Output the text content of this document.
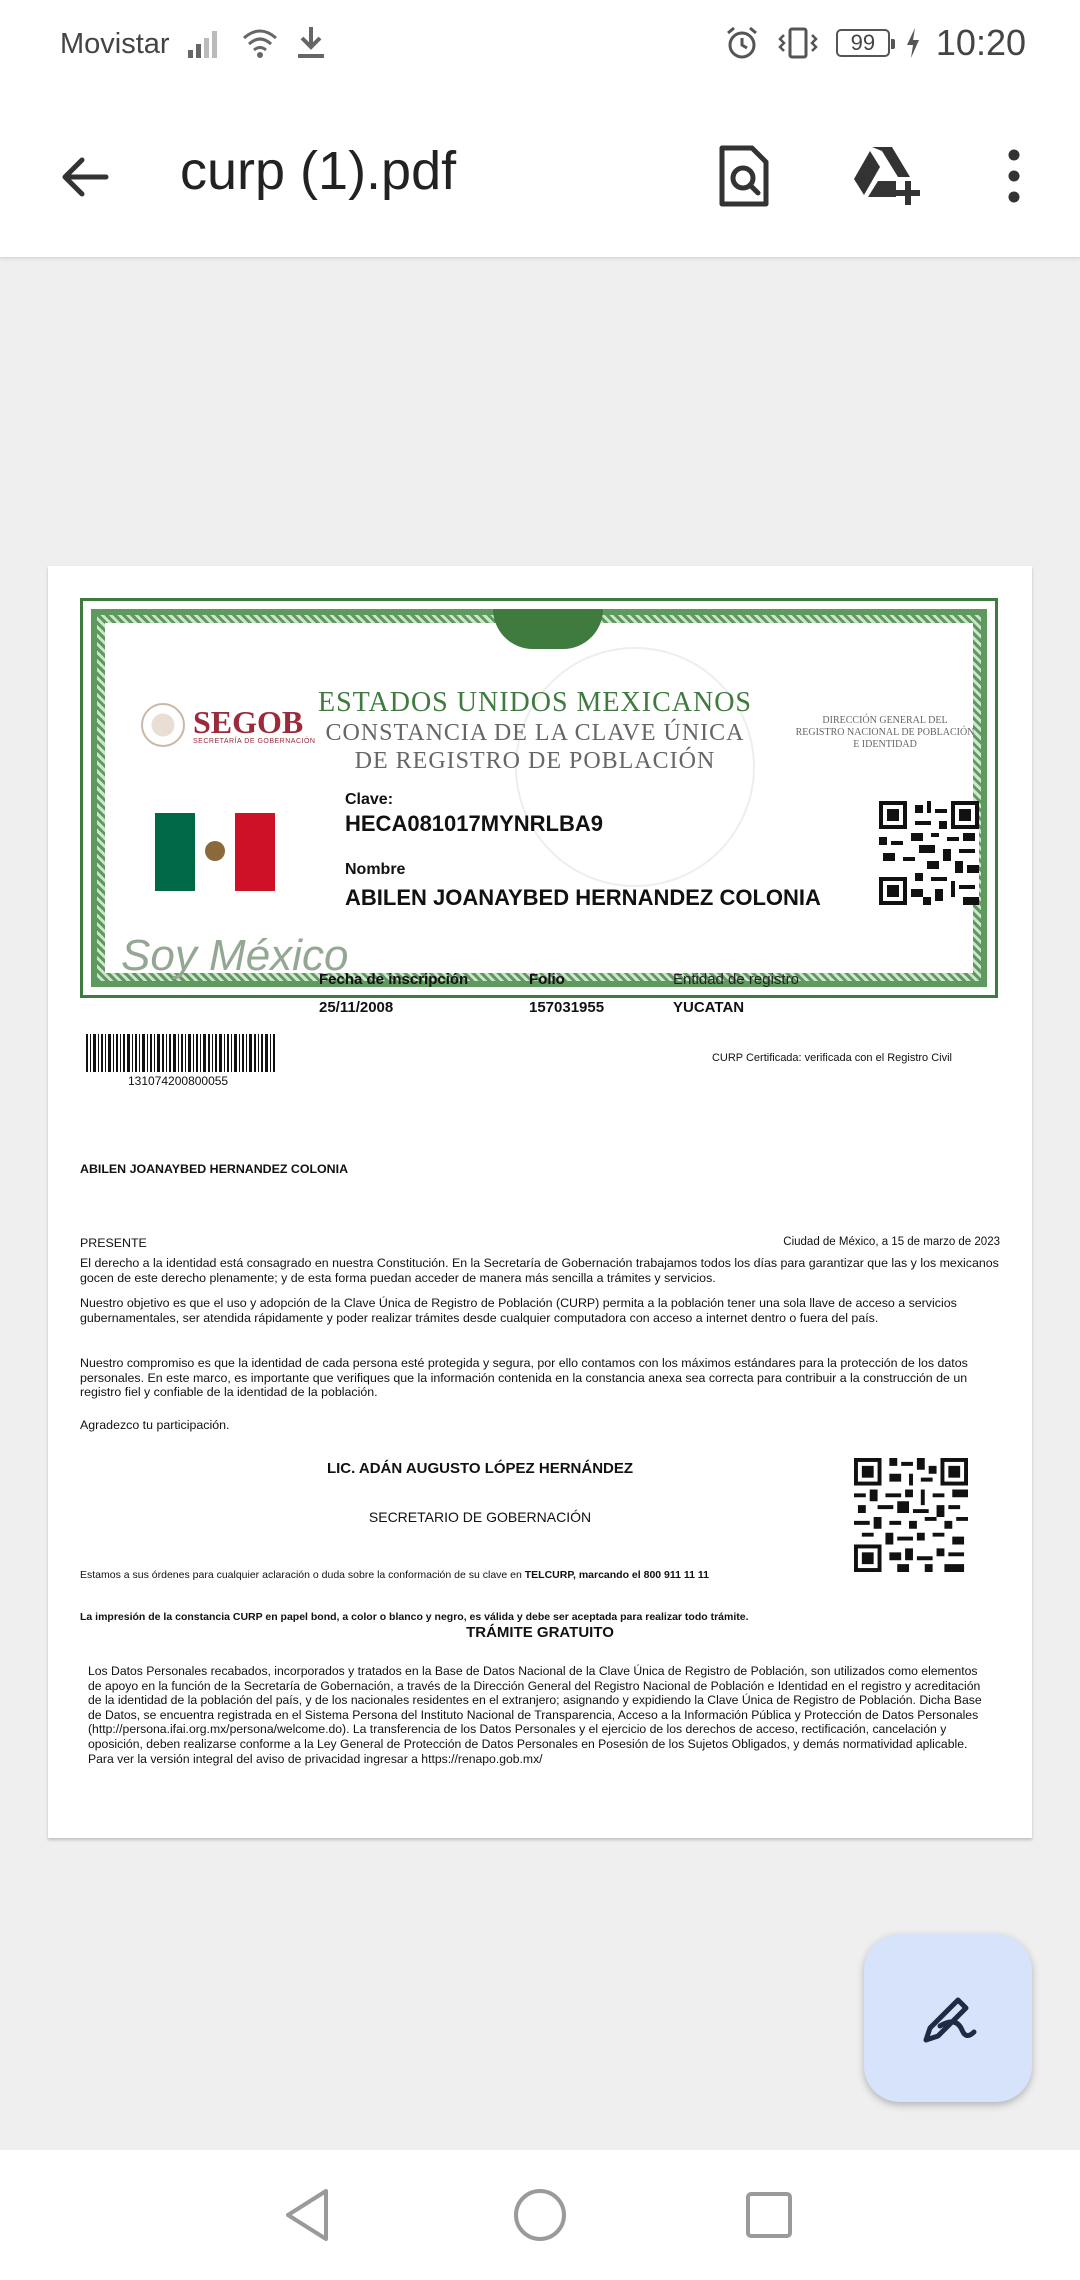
Movistar	99 10:20
curp (1).pdf
SEGOB
SECRETARÍA DE GOBERNACIÓN
ESTADOS UNIDOS MEXICANOS
CONSTANCIA DE LA CLAVE ÚNICA
DE REGISTRO DE POBLACIÓN
DIRECCIÓN GENERAL DEL
REGISTRO NACIONAL DE POBLACIÓN
E IDENTIDAD
Clave:
HECA081017MYNRLBA9
Nombre
ABILEN JOANAYBED HERNANDEZ COLONIA
Soy México
Fecha de inscripción
25/11/2008
Folio
157031955
Entidad de registro
YUCATAN
131074200800055
CURP Certificada: verificada con el Registro Civil
ABILEN JOANAYBED HERNANDEZ COLONIA
PRESENTE	Ciudad de México, a 15 de marzo de 2023
El derecho a la identidad está consagrado en nuestra Constitución. En la Secretaría de Gobernación trabajamos todos los días para garantizar que las y los mexicanos gocen de este derecho plenamente; y de esta forma puedan acceder de manera más sencilla a trámites y servicios.
Nuestro objetivo es que el uso y adopción de la Clave Única de Registro de Población (CURP) permita a la población tener una sola llave de acceso a servicios gubernamentales, ser atendida rápidamente y poder realizar trámites desde cualquier computadora con acceso a internet dentro o fuera del país.
Nuestro compromiso es que la identidad de cada persona esté protegida y segura, por ello contamos con los máximos estándares para la protección de los datos personales. En este marco, es importante que verifiques que la información contenida en la constancia anexa sea correcta para contribuir a la construcción de un registro fiel y confiable de la identidad de la población.
Agradezco tu participación.
LIC. ADÁN AUGUSTO LÓPEZ HERNÁNDEZ
SECRETARIO DE GOBERNACIÓN
Estamos a sus órdenes para cualquier aclaración o duda sobre la conformación de su clave en TELCURP, marcando el 800 911 11 11
La impresión de la constancia CURP en papel bond, a color o blanco y negro, es válida y debe ser aceptada para realizar todo trámite.
TRÁMITE GRATUITO
Los Datos Personales recabados, incorporados y tratados en la Base de Datos Nacional de la Clave Única de Registro de Población, son utilizados como elementos de apoyo en la función de la Secretaría de Gobernación, a través de la Dirección General del Registro Nacional de Población e Identidad en el registro y acreditación de la identidad de la población del país, y de los nacionales residentes en el extranjero; asignando y expidiendo la Clave Única de Registro de Población. Dicha Base de Datos, se encuentra registrada en el Sistema Persona del Instituto Nacional de Transparencia, Acceso a la Información Pública y Protección de Datos Personales (http://persona.ifai.org.mx/persona/welcome.do). La transferencia de los Datos Personales y el ejercicio de los derechos de acceso, rectificación, cancelación y oposición, deben realizarse conforme a la Ley General de Protección de Datos Personales en Posesión de los Sujetos Obligados, y demás normatividad aplicable. Para ver la versión integral del aviso de privacidad ingresar a https://renapo.gob.mx/
